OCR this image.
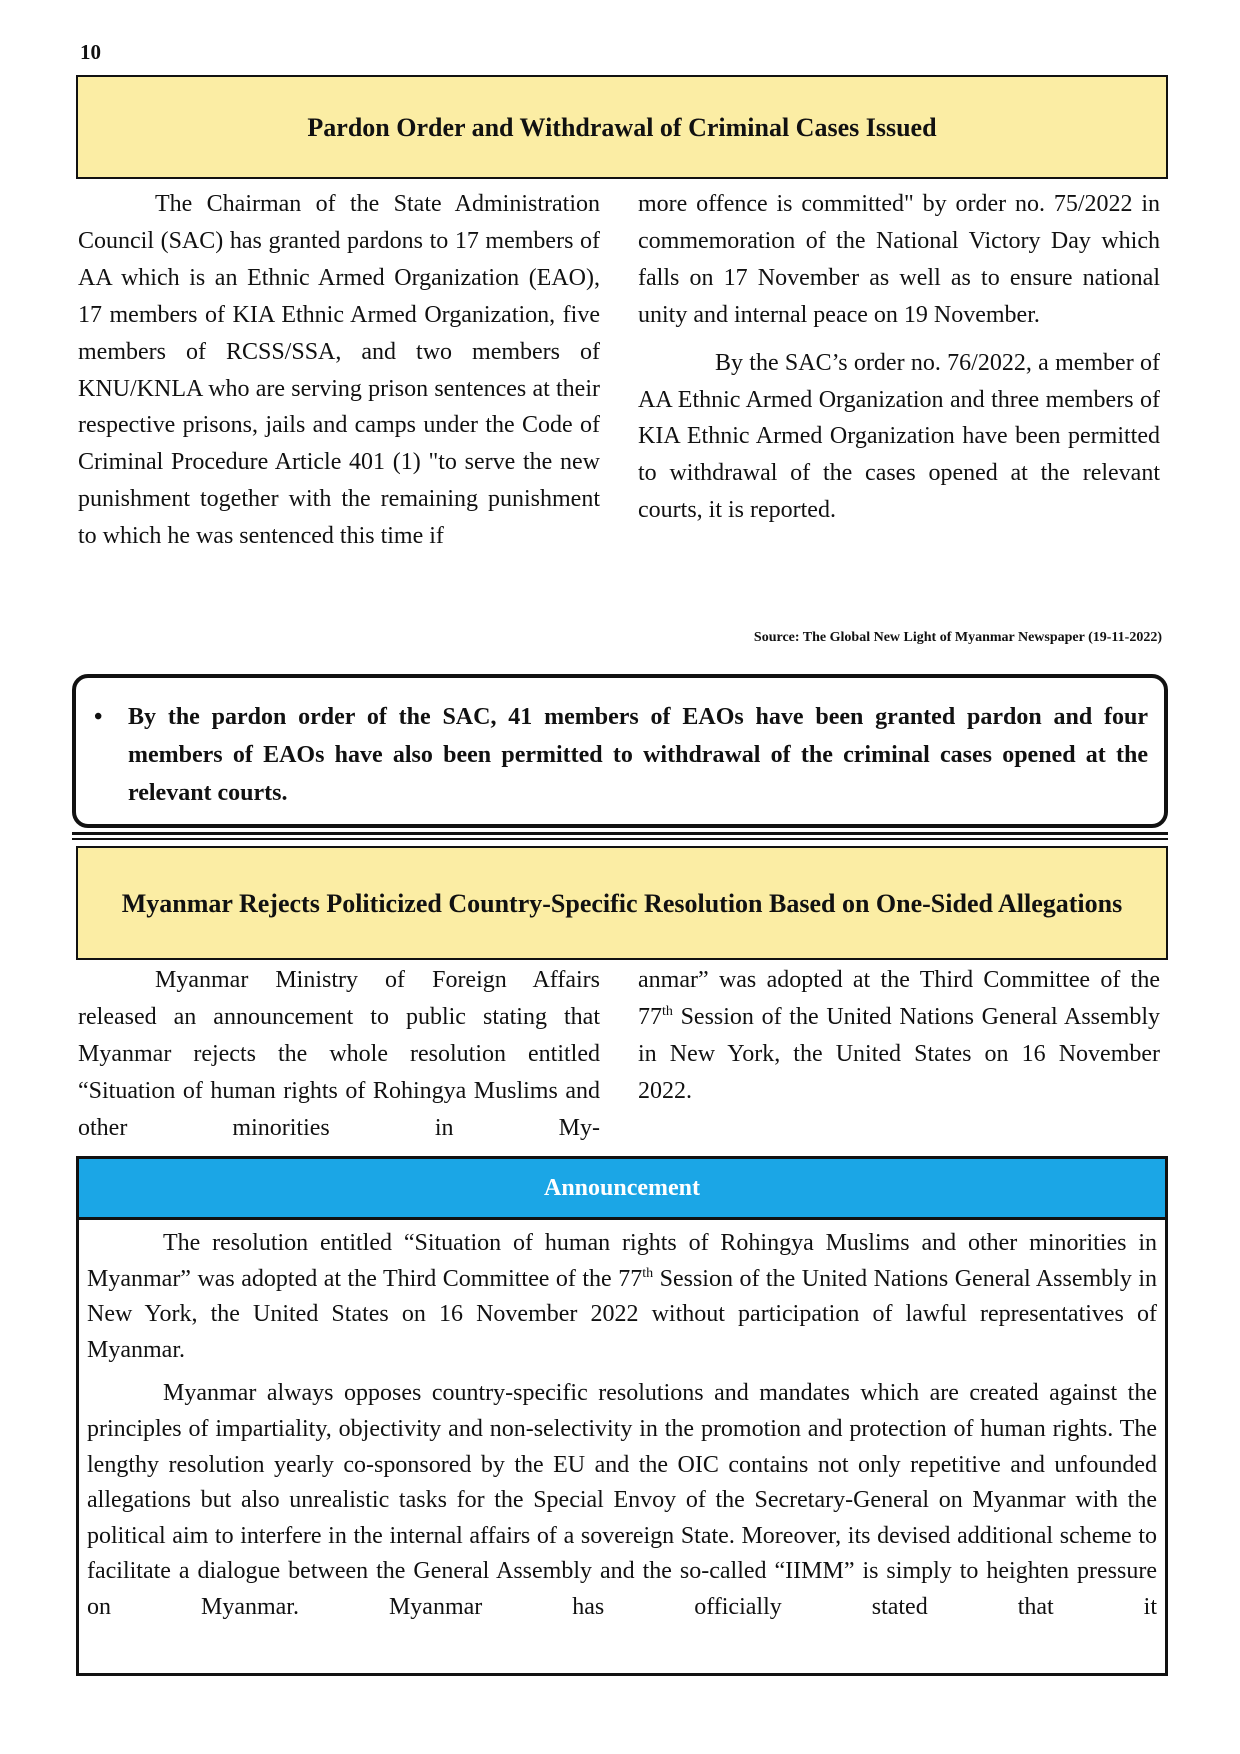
10
Pardon Order and Withdrawal of Criminal Cases Issued

The Chairman of the State Administration Council (SAC) has granted pardons to 17 members of AA which is an Ethnic Armed Organization (EAO), 17 members of KIA Ethnic Armed Organization, five members of RCSS/SSA, and two members of KNU/KNLA who are serving prison sentences at their respective prisons, jails and camps under the Code of Criminal Procedure Article 401 (1) "to serve the new punishment together with the remaining punishment to which he was sentenced this time if

more offence is committed" by order no. 75/2022 in commemoration of the National Victory Day which falls on 17 November as well as to ensure national unity and internal peace on 19 November.

By the SAC’s order no. 76/2022, a member of AA Ethnic Armed Organization and three members of KIA Ethnic Armed Organization have been permitted to withdrawal of the cases opened at the relevant courts, it is reported.

Source: The Global New Light of Myanmar Newspaper (19-11-2022)
• By the pardon order of the SAC, 41 members of EAOs have been granted pardon and four members of EAOs have also been permitted to withdrawal of the criminal cases opened at the relevant courts.
Myanmar Rejects Politicized Country-Specific Resolution Based on One-Sided Allegations

Myanmar Ministry of Foreign Affairs released an announcement to public stating that Myanmar rejects the whole resolution entitled “Situation of human rights of Rohingya Muslims and other minorities in My-

anmar” was adopted at the Third Committee of the 77th Session of the United Nations General Assembly in New York, the United States on 16 November 2022.

Announcement

The resolution entitled “Situation of human rights of Rohingya Muslims and other minorities in Myanmar” was adopted at the Third Committee of the 77th Session of the United Nations General Assembly in New York, the United States on 16 November 2022 without participation of lawful representatives of Myanmar.

Myanmar always opposes country-specific resolutions and mandates which are created against the principles of impartiality, objectivity and non-selectivity in the promotion and protection of human rights. The lengthy resolution yearly co-sponsored by the EU and the OIC contains not only repetitive and unfounded allegations but also unrealistic tasks for the Special Envoy of the Secretary-General on Myanmar with the political aim to interfere in the internal affairs of a sovereign State. Moreover, its devised additional scheme to facilitate a dialogue between the General Assembly and the so-called “IIMM” is simply to heighten pressure on Myanmar. Myanmar has officially stated that it
